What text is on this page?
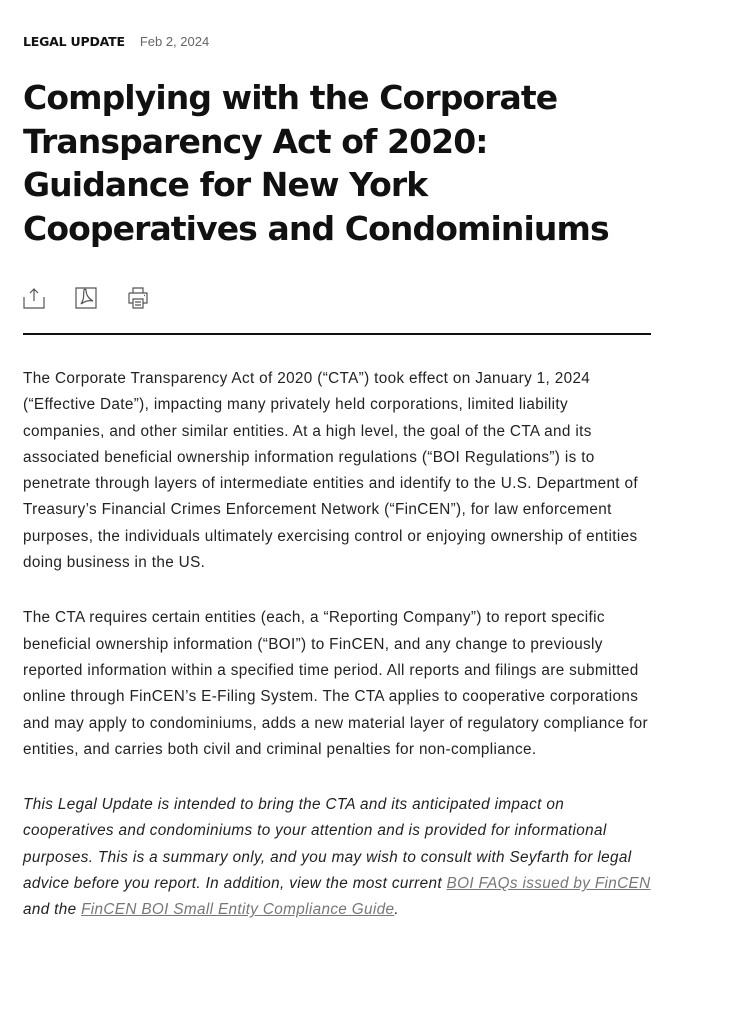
LEGAL UPDATE Feb 2, 2024
Complying with the Corporate Transparency Act of 2020: Guidance for New York Cooperatives and Condominiums

The Corporate Transparency Act of 2020 (“CTA”) took effect on January 1, 2024 (“Effective Date”), impacting many privately held corporations, limited liability companies, and other similar entities. At a high level, the goal of the CTA and its associated beneficial ownership information regulations (“BOI Regulations”) is to penetrate through layers of intermediate entities and identify to the U.S. Department of Treasury’s Financial Crimes Enforcement Network (“FinCEN”), for law enforcement purposes, the individuals ultimately exercising control or enjoying ownership of entities doing business in the US.

The CTA requires certain entities (each, a “Reporting Company”) to report specific beneficial ownership information (“BOI”) to FinCEN, and any change to previously reported information within a specified time period. All reports and filings are submitted online through FinCEN’s E-Filing System. The CTA applies to cooperative corporations and may apply to condominiums, adds a new material layer of regulatory compliance for entities, and carries both civil and criminal penalties for non-compliance.

This Legal Update is intended to bring the CTA and its anticipated impact on cooperatives and condominiums to your attention and is provided for informational purposes. This is a summary only, and you may wish to consult with Seyfarth for legal advice before you report. In addition, view the most current BOI FAQs issued by FinCEN and the FinCEN BOI Small Entity Compliance Guide.
